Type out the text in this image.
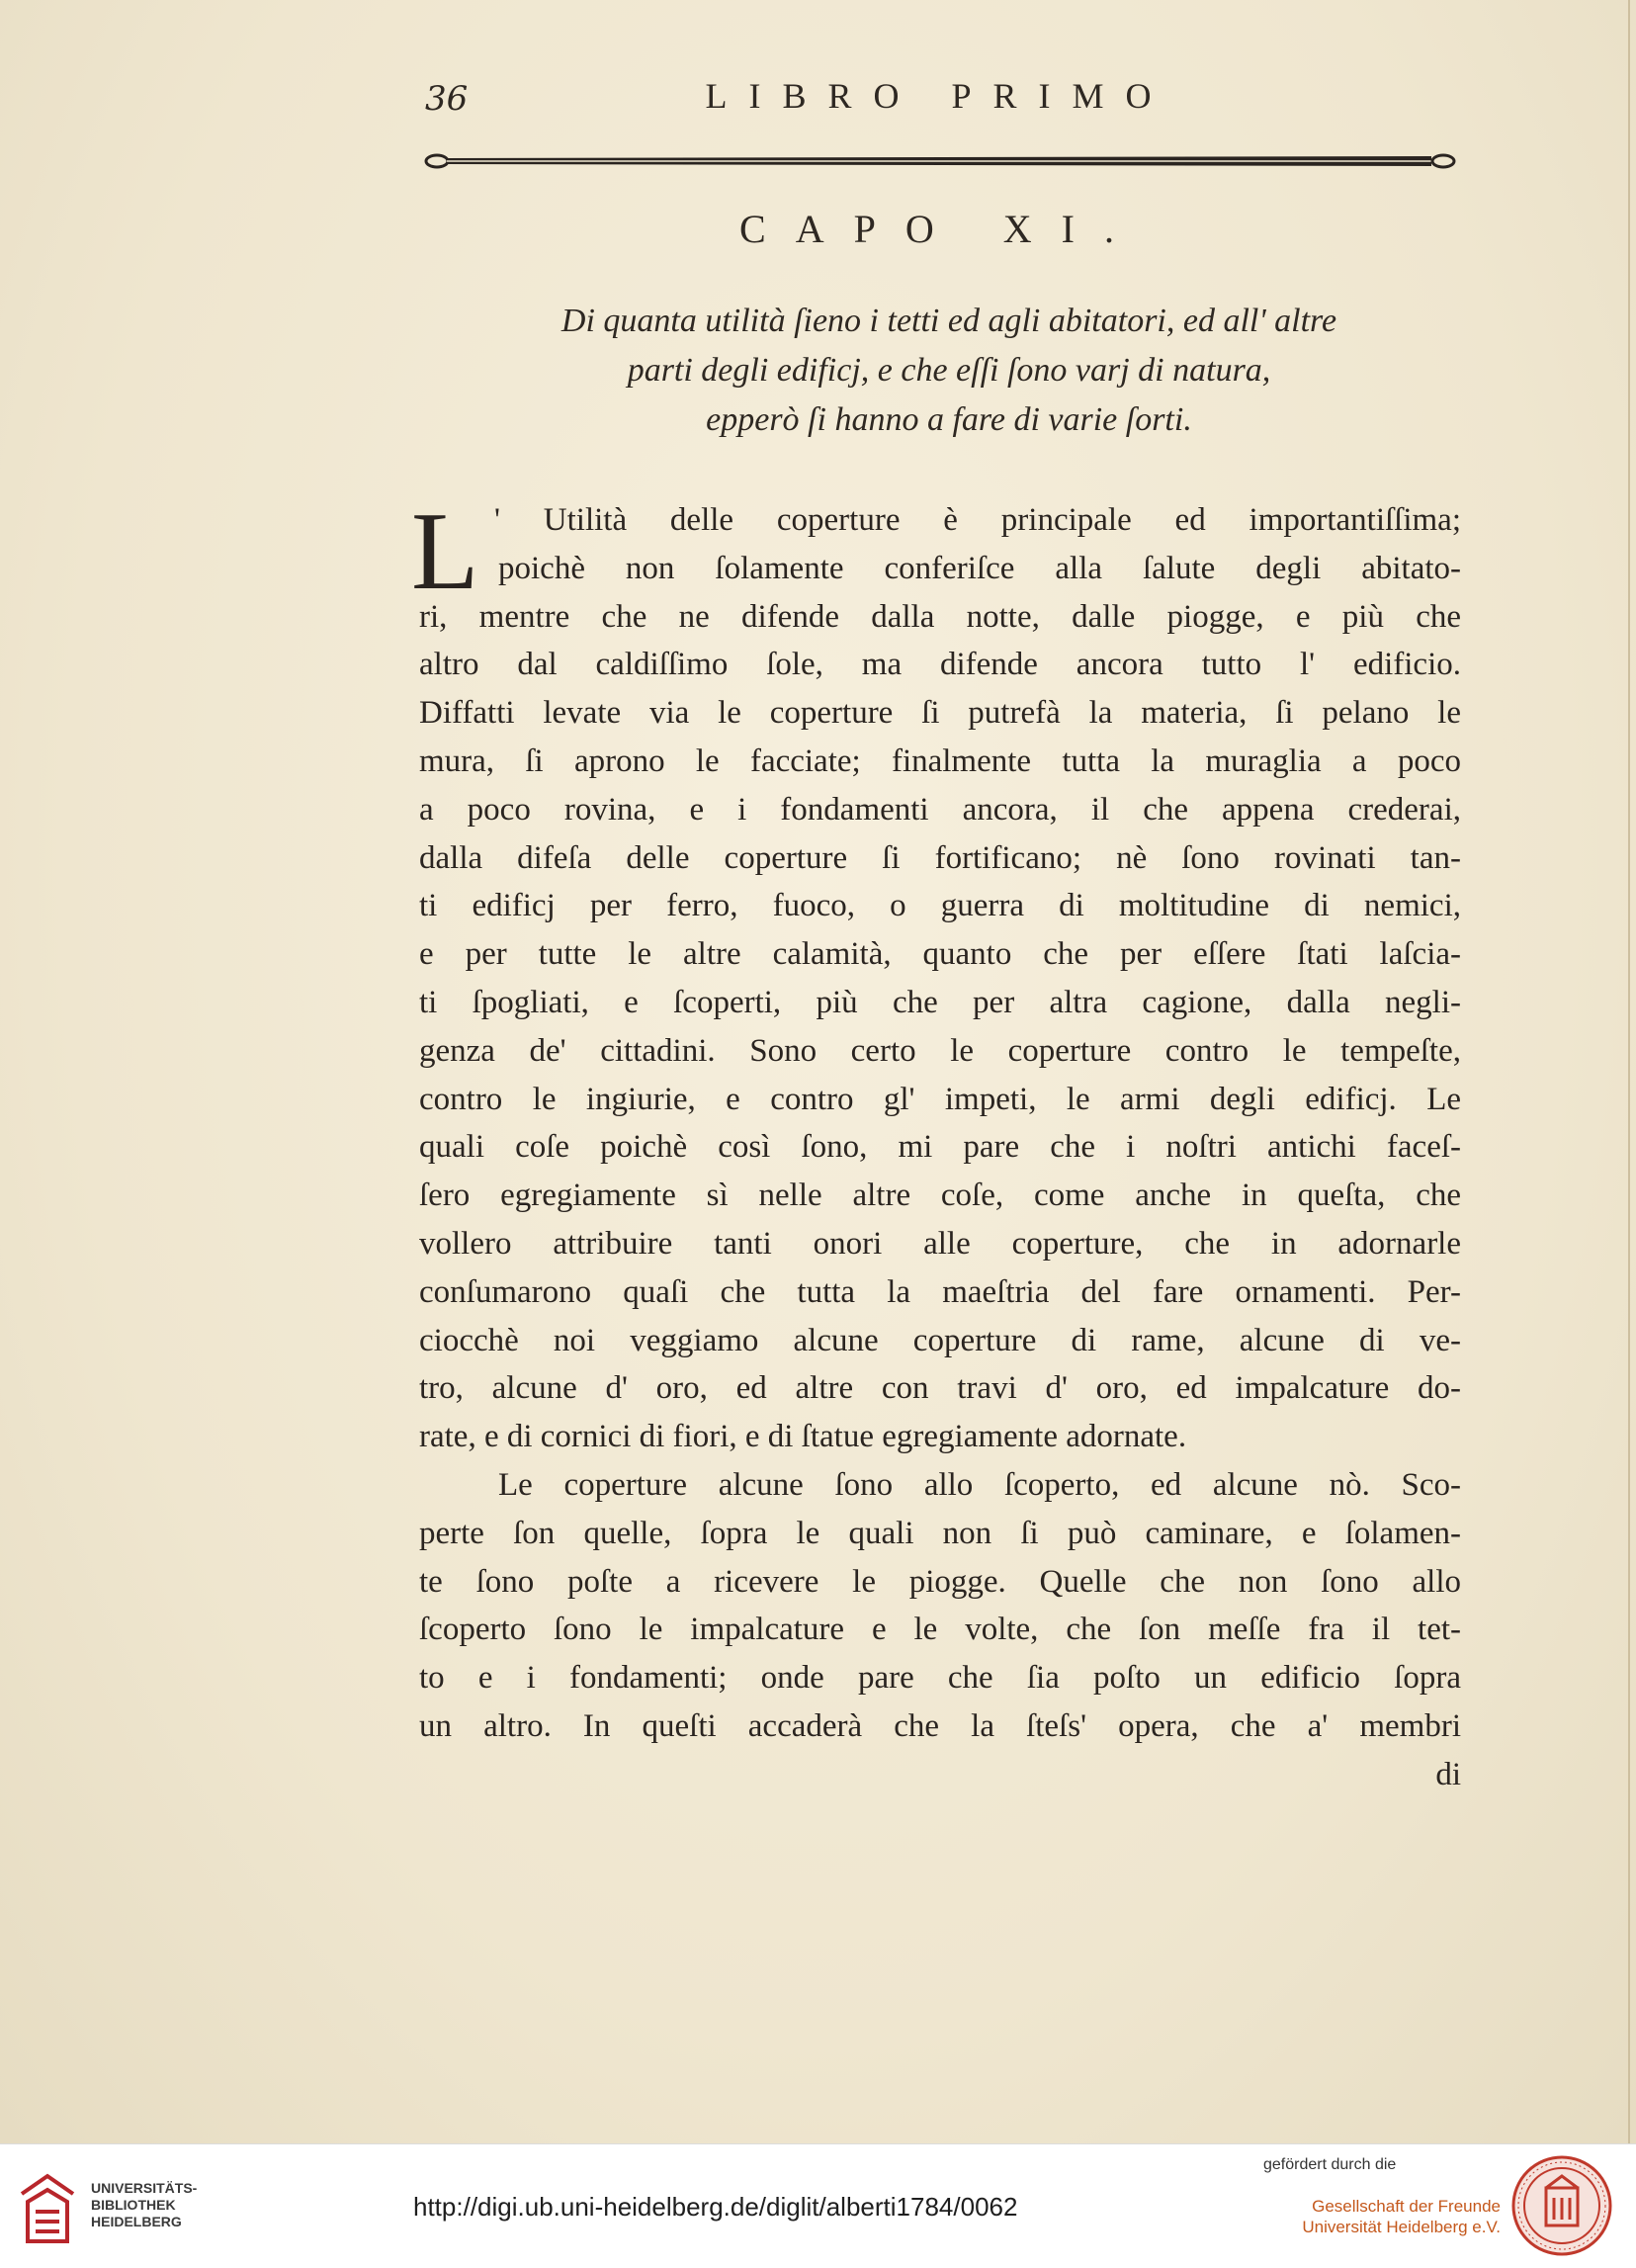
36	LIBRO PRIMO
CAPO XI.
Di quanta utilità ſieno i tetti ed agli abitatori, ed all' altre
parti degli edificj, e che eſſi ſono varj di natura,
epperò ſi hanno a fare di varie ſorti.
L ' Utilità delle coperture è principale ed importantiſſima;
poichè non ſolamente conferiſce alla ſalute degli abitato-
ri, mentre che ne difende dalla notte, dalle piogge, e più che
altro dal caldiſſimo ſole, ma difende ancora tutto l' edificio.
Diffatti levate via le coperture ſi putrefà la materia, ſi pelano le
mura, ſi aprono le facciate; finalmente tutta la muraglia a poco
a poco rovina, e i fondamenti ancora, il che appena crederai,
dalla difeſa delle coperture ſi fortificano; nè ſono rovinati tan-
ti edificj per ferro, fuoco, o guerra di moltitudine di nemici,
e per tutte le altre calamità, quanto che per eſſere ſtati laſcia-
ti ſpogliati, e ſcoperti, più che per altra cagione, dalla negli-
genza de' cittadini. Sono certo le coperture contro le tempeſte,
contro le ingiurie, e contro gl' impeti, le armi degli edificj. Le
quali coſe poichè così ſono, mi pare che i noſtri antichi faceſ-
ſero egregiamente sì nelle altre coſe, come anche in queſta, che
vollero attribuire tanti onori alle coperture, che in adornarle
conſumarono quaſi che tutta la maeſtria del fare ornamenti. Per-
ciocchè noi veggiamo alcune coperture di rame, alcune di ve-
tro, alcune d' oro, ed altre con travi d' oro, ed impalcature do-
rate, e di cornici di fiori, e di ſtatue egregiamente adornate.
Le coperture alcune ſono allo ſcoperto, ed alcune nò. Sco-
perte ſon quelle, ſopra le quali non ſi può caminare, e ſolamen-
te ſono poſte a ricevere le piogge. Quelle che non ſono allo
ſcoperto ſono le impalcature e le volte, che ſon meſſe fra il tet-
to e i fondamenti; onde pare che ſia poſto un edificio ſopra
un altro. In queſti accaderà che la ſteſs' opera, che a' membri
di
UNIVERSITÄTS-
BIBLIOTHEK
HEIDELBERG	http://digi.ub.uni-heidelberg.de/diglit/alberti1784/0062
gefördert durch die
Gesellschaft der Freunde
Universität Heidelberg e.V.
